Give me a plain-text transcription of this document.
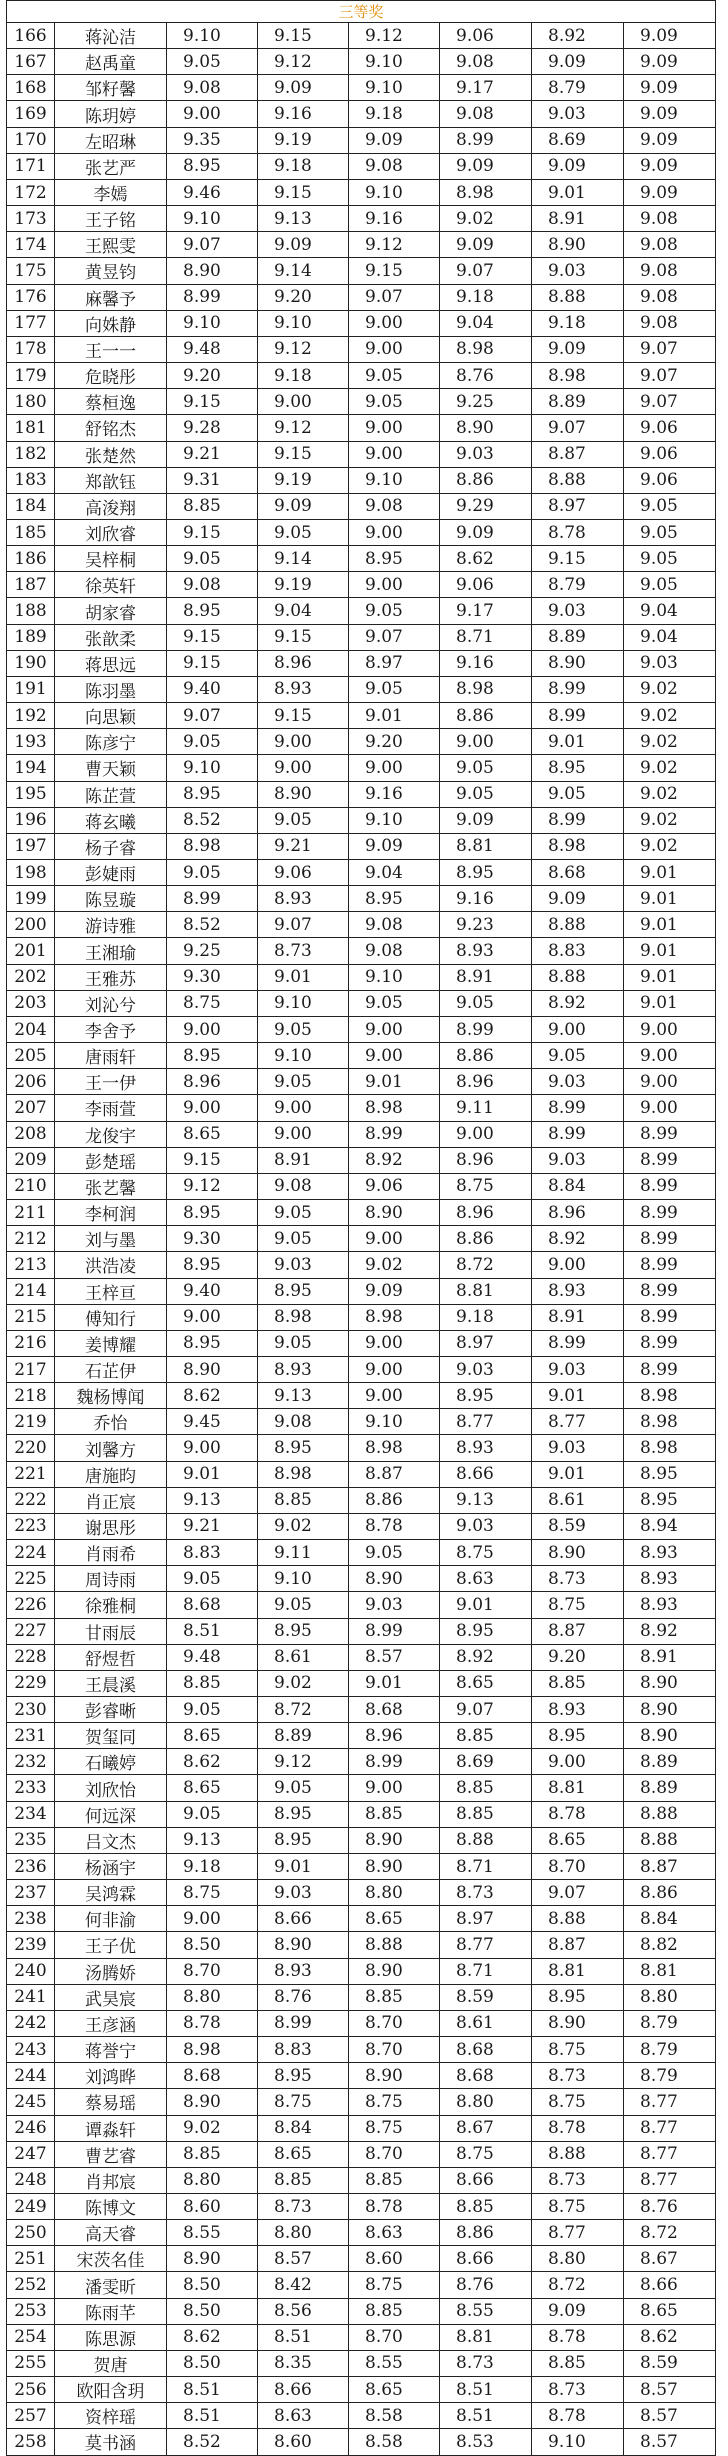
三等奖							
166	蒋沁洁	9.10	9.15	9.12	9.06	8.92	9.09
167	赵禹童	9.05	9.12	9.10	9.08	9.09	9.09
168	邹籽馨	9.08	9.09	9.10	9.17	8.79	9.09
169	陈玥婷	9.00	9.16	9.18	9.08	9.03	9.09
170	左昭琳	9.35	9.19	9.09	8.99	8.69	9.09
171	张艺严	8.95	9.18	9.08	9.09	9.09	9.09
172	李嫣	9.46	9.15	9.10	8.98	9.01	9.09
173	王子铭	9.10	9.13	9.16	9.02	8.91	9.08
174	王熙雯	9.07	9.09	9.12	9.09	8.90	9.08
175	黄昱钧	8.90	9.14	9.15	9.07	9.03	9.08
176	麻馨予	8.99	9.20	9.07	9.18	8.88	9.08
177	向姝静	9.10	9.10	9.00	9.04	9.18	9.08
178	王一一	9.48	9.12	9.00	8.98	9.09	9.07
179	危晓彤	9.20	9.18	9.05	8.76	8.98	9.07
180	蔡桓逸	9.15	9.00	9.05	9.25	8.89	9.07
181	舒铭杰	9.28	9.12	9.00	8.90	9.07	9.06
182	张楚然	9.21	9.15	9.00	9.03	8.87	9.06
183	郑歆钰	9.31	9.19	9.10	8.86	8.88	9.06
184	高浚翔	8.85	9.09	9.08	9.29	8.97	9.05
185	刘欣睿	9.15	9.05	9.00	9.09	8.78	9.05
186	吴梓桐	9.05	9.14	8.95	8.62	9.15	9.05
187	徐英轩	9.08	9.19	9.00	9.06	8.79	9.05
188	胡家睿	8.95	9.04	9.05	9.17	9.03	9.04
189	张歆柔	9.15	9.15	9.07	8.71	8.89	9.04
190	蒋思远	9.15	8.96	8.97	9.16	8.90	9.03
191	陈羽墨	9.40	8.93	9.05	8.98	8.99	9.02
192	向思颖	9.07	9.15	9.01	8.86	8.99	9.02
193	陈彦宁	9.05	9.00	9.20	9.00	9.01	9.02
194	曹天颖	9.10	9.00	9.00	9.05	8.95	9.02
195	陈芷萱	8.95	8.90	9.16	9.05	9.05	9.02
196	蒋玄曦	8.52	9.05	9.10	9.09	8.99	9.02
197	杨子睿	8.98	9.21	9.09	8.81	8.98	9.02
198	彭婕雨	9.05	9.06	9.04	8.95	8.68	9.01
199	陈昱璇	8.99	8.93	8.95	9.16	9.09	9.01
200	游诗雅	8.52	9.07	9.08	9.23	8.88	9.01
201	王湘瑜	9.25	8.73	9.08	8.93	8.83	9.01
202	王雅苏	9.30	9.01	9.10	8.91	8.88	9.01
203	刘沁兮	8.75	9.10	9.05	9.05	8.92	9.01
204	李舍予	9.00	9.05	9.00	8.99	9.00	9.00
205	唐雨轩	8.95	9.10	9.00	8.86	9.05	9.00
206	王一伊	8.96	9.05	9.01	8.96	9.03	9.00
207	李雨萱	9.00	9.00	8.98	9.11	8.99	9.00
208	龙俊宇	8.65	9.00	8.99	9.00	8.99	8.99
209	彭楚瑶	9.15	8.91	8.92	8.96	9.03	8.99
210	张艺馨	9.12	9.08	9.06	8.75	8.84	8.99
211	李柯润	8.95	9.05	8.90	8.96	8.96	8.99
212	刘与墨	9.30	9.05	9.00	8.86	8.92	8.99
213	洪浩凌	8.95	9.03	9.02	8.72	9.00	8.99
214	王梓亘	9.40	8.95	9.09	8.81	8.93	8.99
215	傅知行	9.00	8.98	8.98	9.18	8.91	8.99
216	姜博耀	8.95	9.05	9.00	8.97	8.99	8.99
217	石芷伊	8.90	8.93	9.00	9.03	9.03	8.99
218	魏杨博闻	8.62	9.13	9.00	8.95	9.01	8.98
219	乔怡	9.45	9.08	9.10	8.77	8.77	8.98
220	刘馨方	9.00	8.95	8.98	8.93	9.03	8.98
221	唐施昀	9.01	8.98	8.87	8.66	9.01	8.95
222	肖正宸	9.13	8.85	8.86	9.13	8.61	8.95
223	谢思彤	9.21	9.02	8.78	9.03	8.59	8.94
224	肖雨希	8.83	9.11	9.05	8.75	8.90	8.93
225	周诗雨	9.05	9.10	8.90	8.63	8.73	8.93
226	徐雅桐	8.68	9.05	9.03	9.01	8.75	8.93
227	甘雨辰	8.51	8.95	8.99	8.95	8.87	8.92
228	舒煜哲	9.48	8.61	8.57	8.92	9.20	8.91
229	王晨溪	8.85	9.02	9.01	8.65	8.85	8.90
230	彭睿晰	9.05	8.72	8.68	9.07	8.93	8.90
231	贺玺同	8.65	8.89	8.96	8.85	8.95	8.90
232	石曦婷	8.62	9.12	8.99	8.69	9.00	8.89
233	刘欣怡	8.65	9.05	9.00	8.85	8.81	8.89
234	何远深	9.05	8.95	8.85	8.85	8.78	8.88
235	吕文杰	9.13	8.95	8.90	8.88	8.65	8.88
236	杨涵宇	9.18	9.01	8.90	8.71	8.70	8.87
237	吴鸿霖	8.75	9.03	8.80	8.73	9.07	8.86
238	何非渝	9.00	8.66	8.65	8.97	8.88	8.84
239	王子优	8.50	8.90	8.88	8.77	8.87	8.82
240	汤腾娇	8.70	8.93	8.90	8.71	8.81	8.81
241	武昊宸	8.80	8.76	8.85	8.59	8.95	8.80
242	王彦涵	8.78	8.99	8.70	8.61	8.90	8.79
243	蒋誉宁	8.98	8.83	8.70	8.68	8.75	8.79
244	刘鸿晔	8.68	8.95	8.90	8.68	8.73	8.79
245	蔡易瑶	8.90	8.75	8.75	8.80	8.75	8.77
246	谭淼轩	9.02	8.84	8.75	8.67	8.78	8.77
247	曹艺睿	8.85	8.65	8.70	8.75	8.88	8.77
248	肖邦宸	8.80	8.85	8.85	8.66	8.73	8.77
249	陈博文	8.60	8.73	8.78	8.85	8.75	8.76
250	高天睿	8.55	8.80	8.63	8.86	8.77	8.72
251	宋茨名佳	8.90	8.57	8.60	8.66	8.80	8.67
252	潘雯昕	8.50	8.42	8.75	8.76	8.72	8.66
253	陈雨芊	8.50	8.56	8.85	8.55	9.09	8.65
254	陈思源	8.62	8.51	8.70	8.81	8.78	8.62
255	贺唐	8.50	8.35	8.55	8.73	8.85	8.59
256	欧阳含玥	8.51	8.66	8.65	8.51	8.73	8.57
257	资梓瑶	8.51	8.63	8.58	8.51	8.78	8.57
258	莫书涵	8.52	8.60	8.58	8.53	9.10	8.57
